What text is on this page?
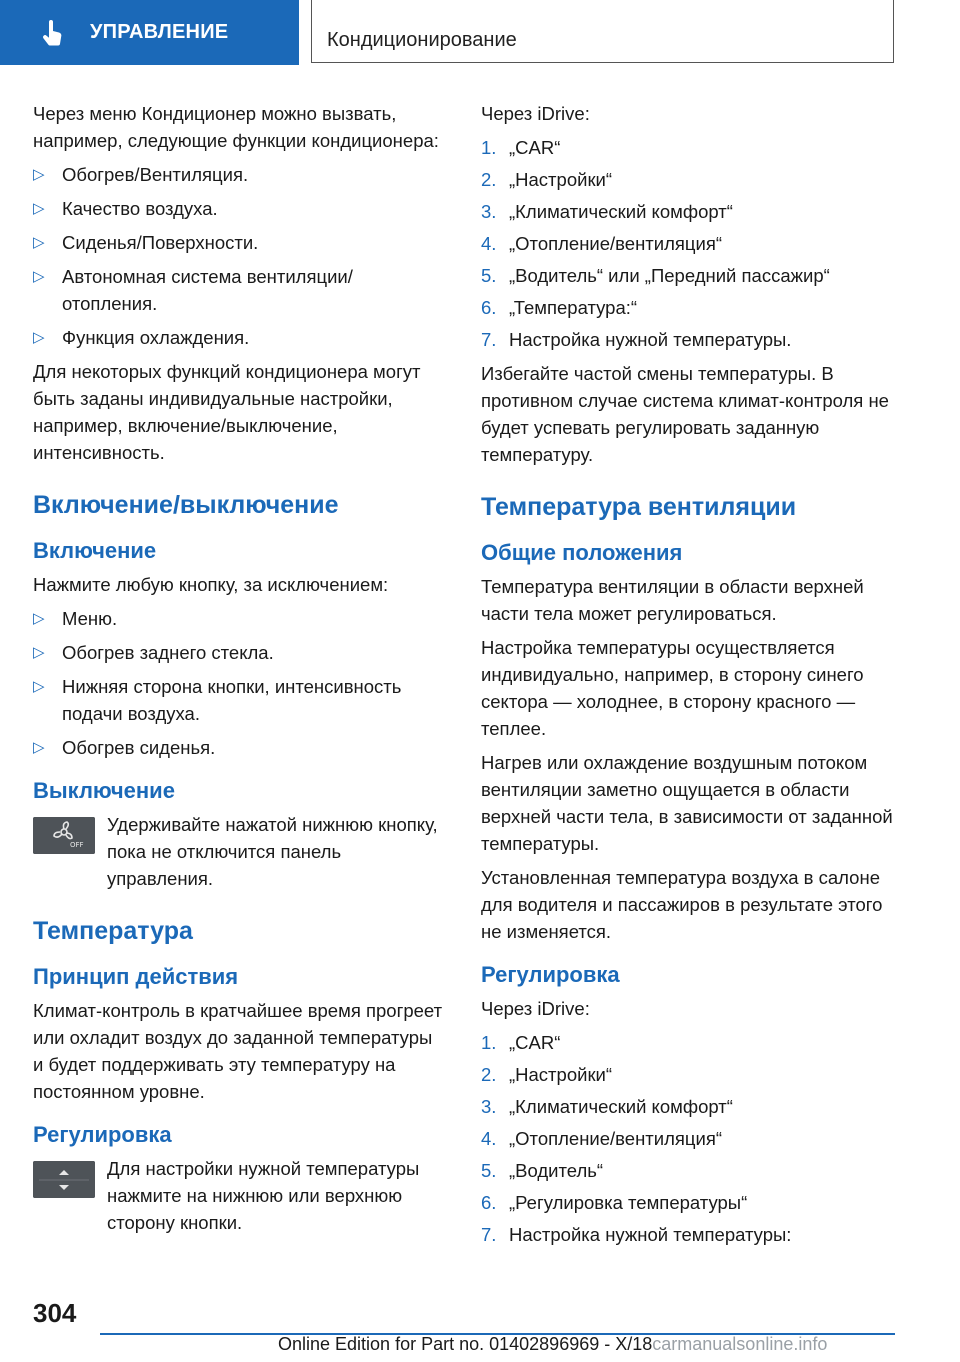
УПРАВЛЕНИЕ	Кондиционирование

Через меню Кондиционер можно вызвать, например, следующие функции кондиционера:

▷ Обогрев/Вентиляция.
▷ Качество воздуха.
▷ Сиденья/Поверхности.
▷ Автономная система вентиляции/отопления.
▷ Функция охлаждения.

Для некоторых функций кондиционера могут быть заданы индивидуальные настройки, например, включение/выключение, интенсивность.

Включение/выключение
Включение

Нажмите любую кнопку, за исключением:

▷ Меню.
▷ Обогрев заднего стекла.
▷ Нижняя сторона кнопки, интенсивность подачи воздуха.
▷ Обогрев сиденья.
Выключение
OFF
Удерживайте нажатой нижнюю кнопку, пока не отключится панель управления.
Температура
Принцип действия

Климат-контроль в кратчайшее время прогреет или охладит воздух до заданной температуры и будет поддерживать эту температуру на постоянном уровне.

Регулировка
Для настройки нужной температуры нажмите на нижнюю или верхнюю сторону кнопки.

Через iDrive:

1. „CAR“
2. „Настройки“
3. „Климатический комфорт“
4. „Отопление/вентиляция“
5. „Водитель“ или „Передний пассажир“
6. „Температура:“
7. Настройка нужной температуры.

Избегайте частой смены температуры. В противном случае система климат-контроля не будет успевать регулировать заданную температуру.

Температура вентиляции
Общие положения

Температура вентиляции в области верхней части тела может регулироваться.

Настройка температуры осуществляется индивидуально, например, в сторону синего сектора — холоднее, в сторону красного — теплее.

Нагрев или охлаждение воздушным потоком вентиляции заметно ощущается в области верхней части тела, в зависимости от заданной температуры.

Установленная температура воздуха в салоне для водителя и пассажиров в результате этого не изменяется.

Регулировка

Через iDrive:

1. „CAR“
2. „Настройки“
3. „Климатический комфорт“
4. „Отопление/вентиляция“
5. „Водитель“
6. „Регулировка температуры“
7. Настройка нужной температуры:
304
Online Edition for Part no. 01402896969 - X/18carmanualsonline.info
